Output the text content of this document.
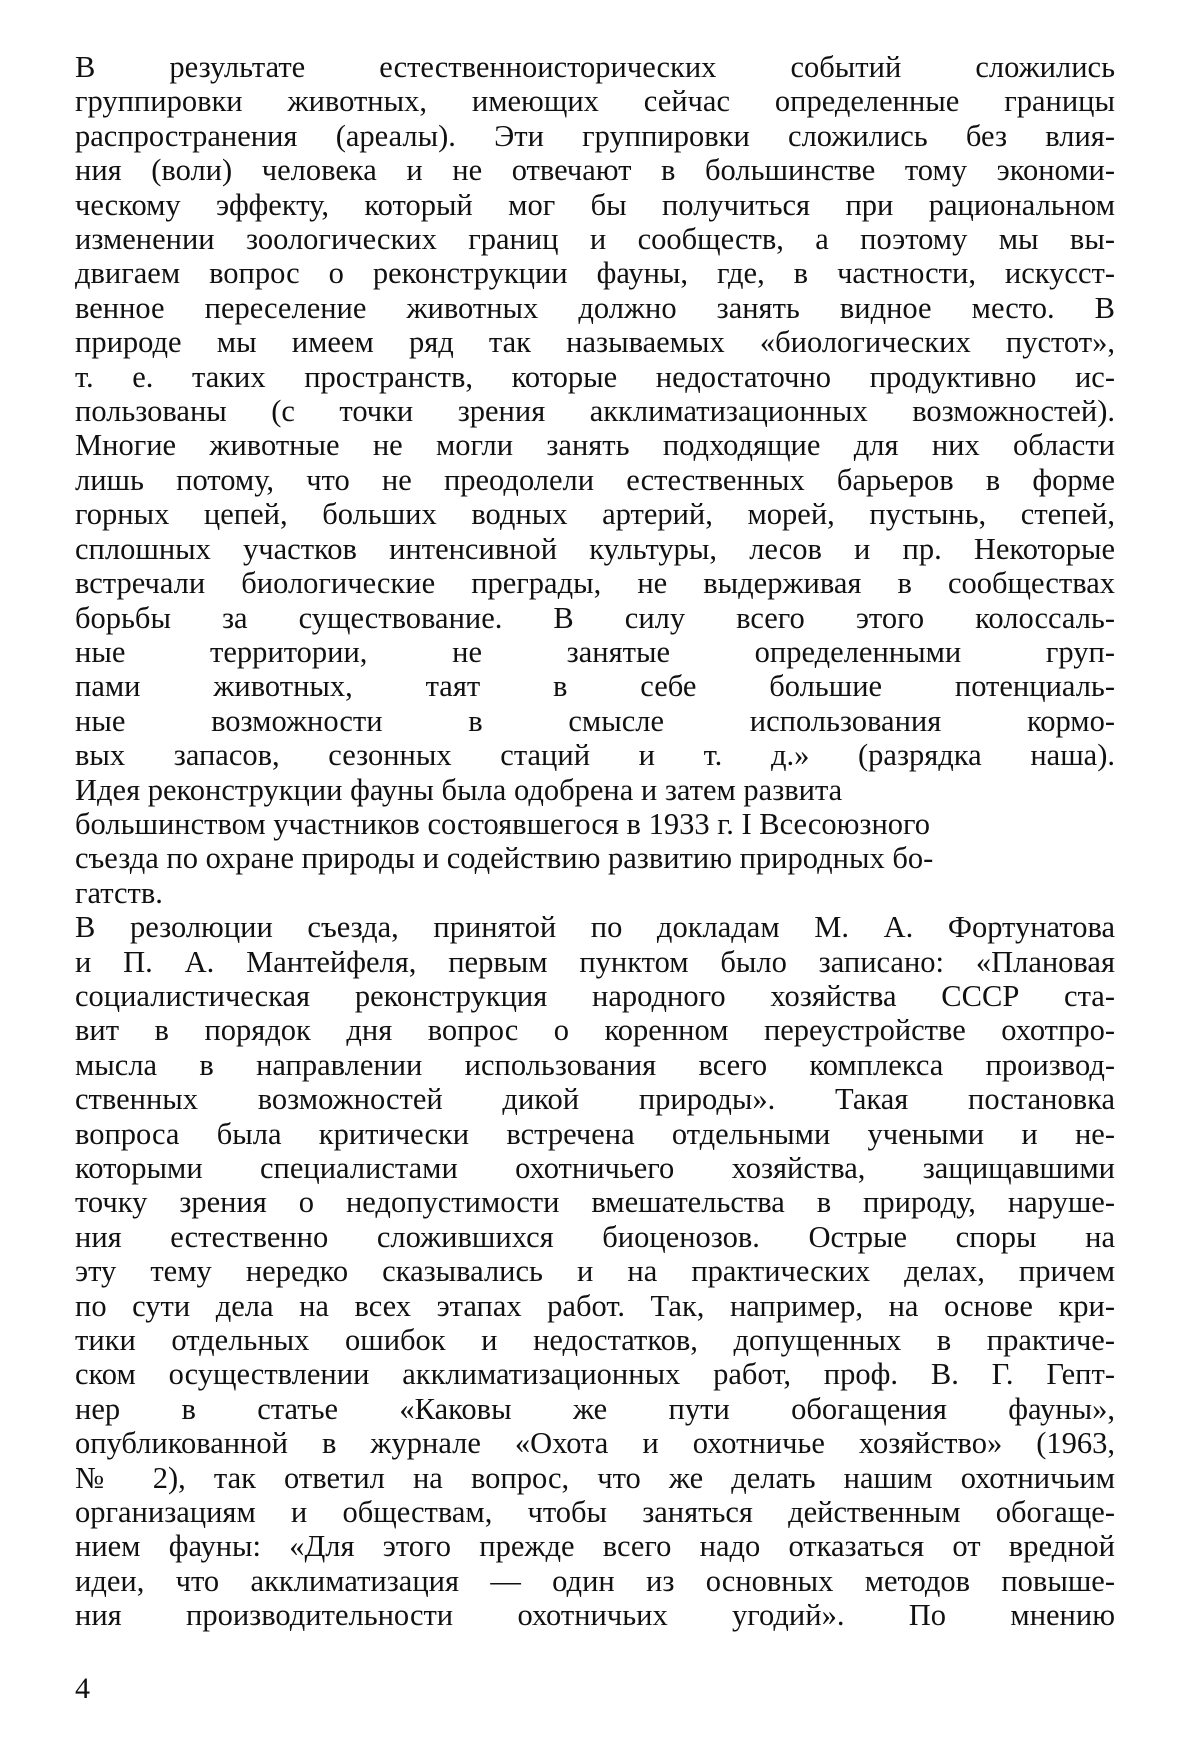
В результате естественноисторических событий сложились
группировки животных, имеющих сейчас определенные границы
распространения (ареалы). Эти группировки сложились без влия-
ния (воли) человека и не отвечают в большинстве тому экономи-
ческому эффекту, который мог бы получиться при рациональном
изменении зоологических границ и сообществ, а поэтому мы вы-
двигаем вопрос о реконструкции фауны, где, в частности, искусст-
венное переселение животных должно занять видное место. В
природе мы имеем ряд так называемых «биологических пустот»,
т. е. таких пространств, которые недостаточно продуктивно ис-
пользованы (с точки зрения акклиматизационных возможностей).
Многие животные не могли занять подходящие для них области
лишь потому, что не преодолели естественных барьеров в форме
горных цепей, больших водных артерий, морей, пустынь, степей,
сплошных участков интенсивной культуры, лесов и пр. Некоторые
встречали биологические преграды, не выдерживая в сообществах
борьбы за существование. В силу всего этого колоссаль-
ные территории, не занятые определенными груп-
пами животных, таят в себе большие потенциаль-
ные возможности в смысле использования кормо-
вых запасов, сезонных стаций и т. д.» (разрядка наша).

Идея реконструкции фауны была одобрена и затем развита
большинством участников состоявшегося в 1933 г. I Всесоюзного
съезда по охране природы и содействию развитию природных бо-
гатств.

В резолюции съезда, принятой по докладам М. А. Фортунатова
и П. А. Мантейфеля, первым пунктом было записано: «Плановая
социалистическая реконструкция народного хозяйства СССР ста-
вит в порядок дня вопрос о коренном переустройстве охотпро-
мысла в направлении использования всего комплекса производ-
ственных возможностей дикой природы». Такая постановка
вопроса была критически встречена отдельными учеными и не-
которыми специалистами охотничьего хозяйства, защищавшими
точку зрения о недопустимости вмешательства в природу, наруше-
ния естественно сложившихся биоценозов. Острые споры на
эту тему нередко сказывались и на практических делах, причем
по сути дела на всех этапах работ. Так, например, на основе кри-
тики отдельных ошибок и недостатков, допущенных в практиче-
ском осуществлении акклиматизационных работ, проф. В. Г. Гепт-
нер в статье «Каковы же пути обогащения фауны»,
опубликованной в журнале «Охота и охотничье хозяйство» (1963,
№ 2), так ответил на вопрос, что же делать нашим охотничьим
организациям и обществам, чтобы заняться действенным обогаще-
нием фауны: «Для этого прежде всего надо отказаться от вредной
идеи, что акклиматизация — один из основных методов повыше-
ния производительности охотничьих угодий». По мнению

4
